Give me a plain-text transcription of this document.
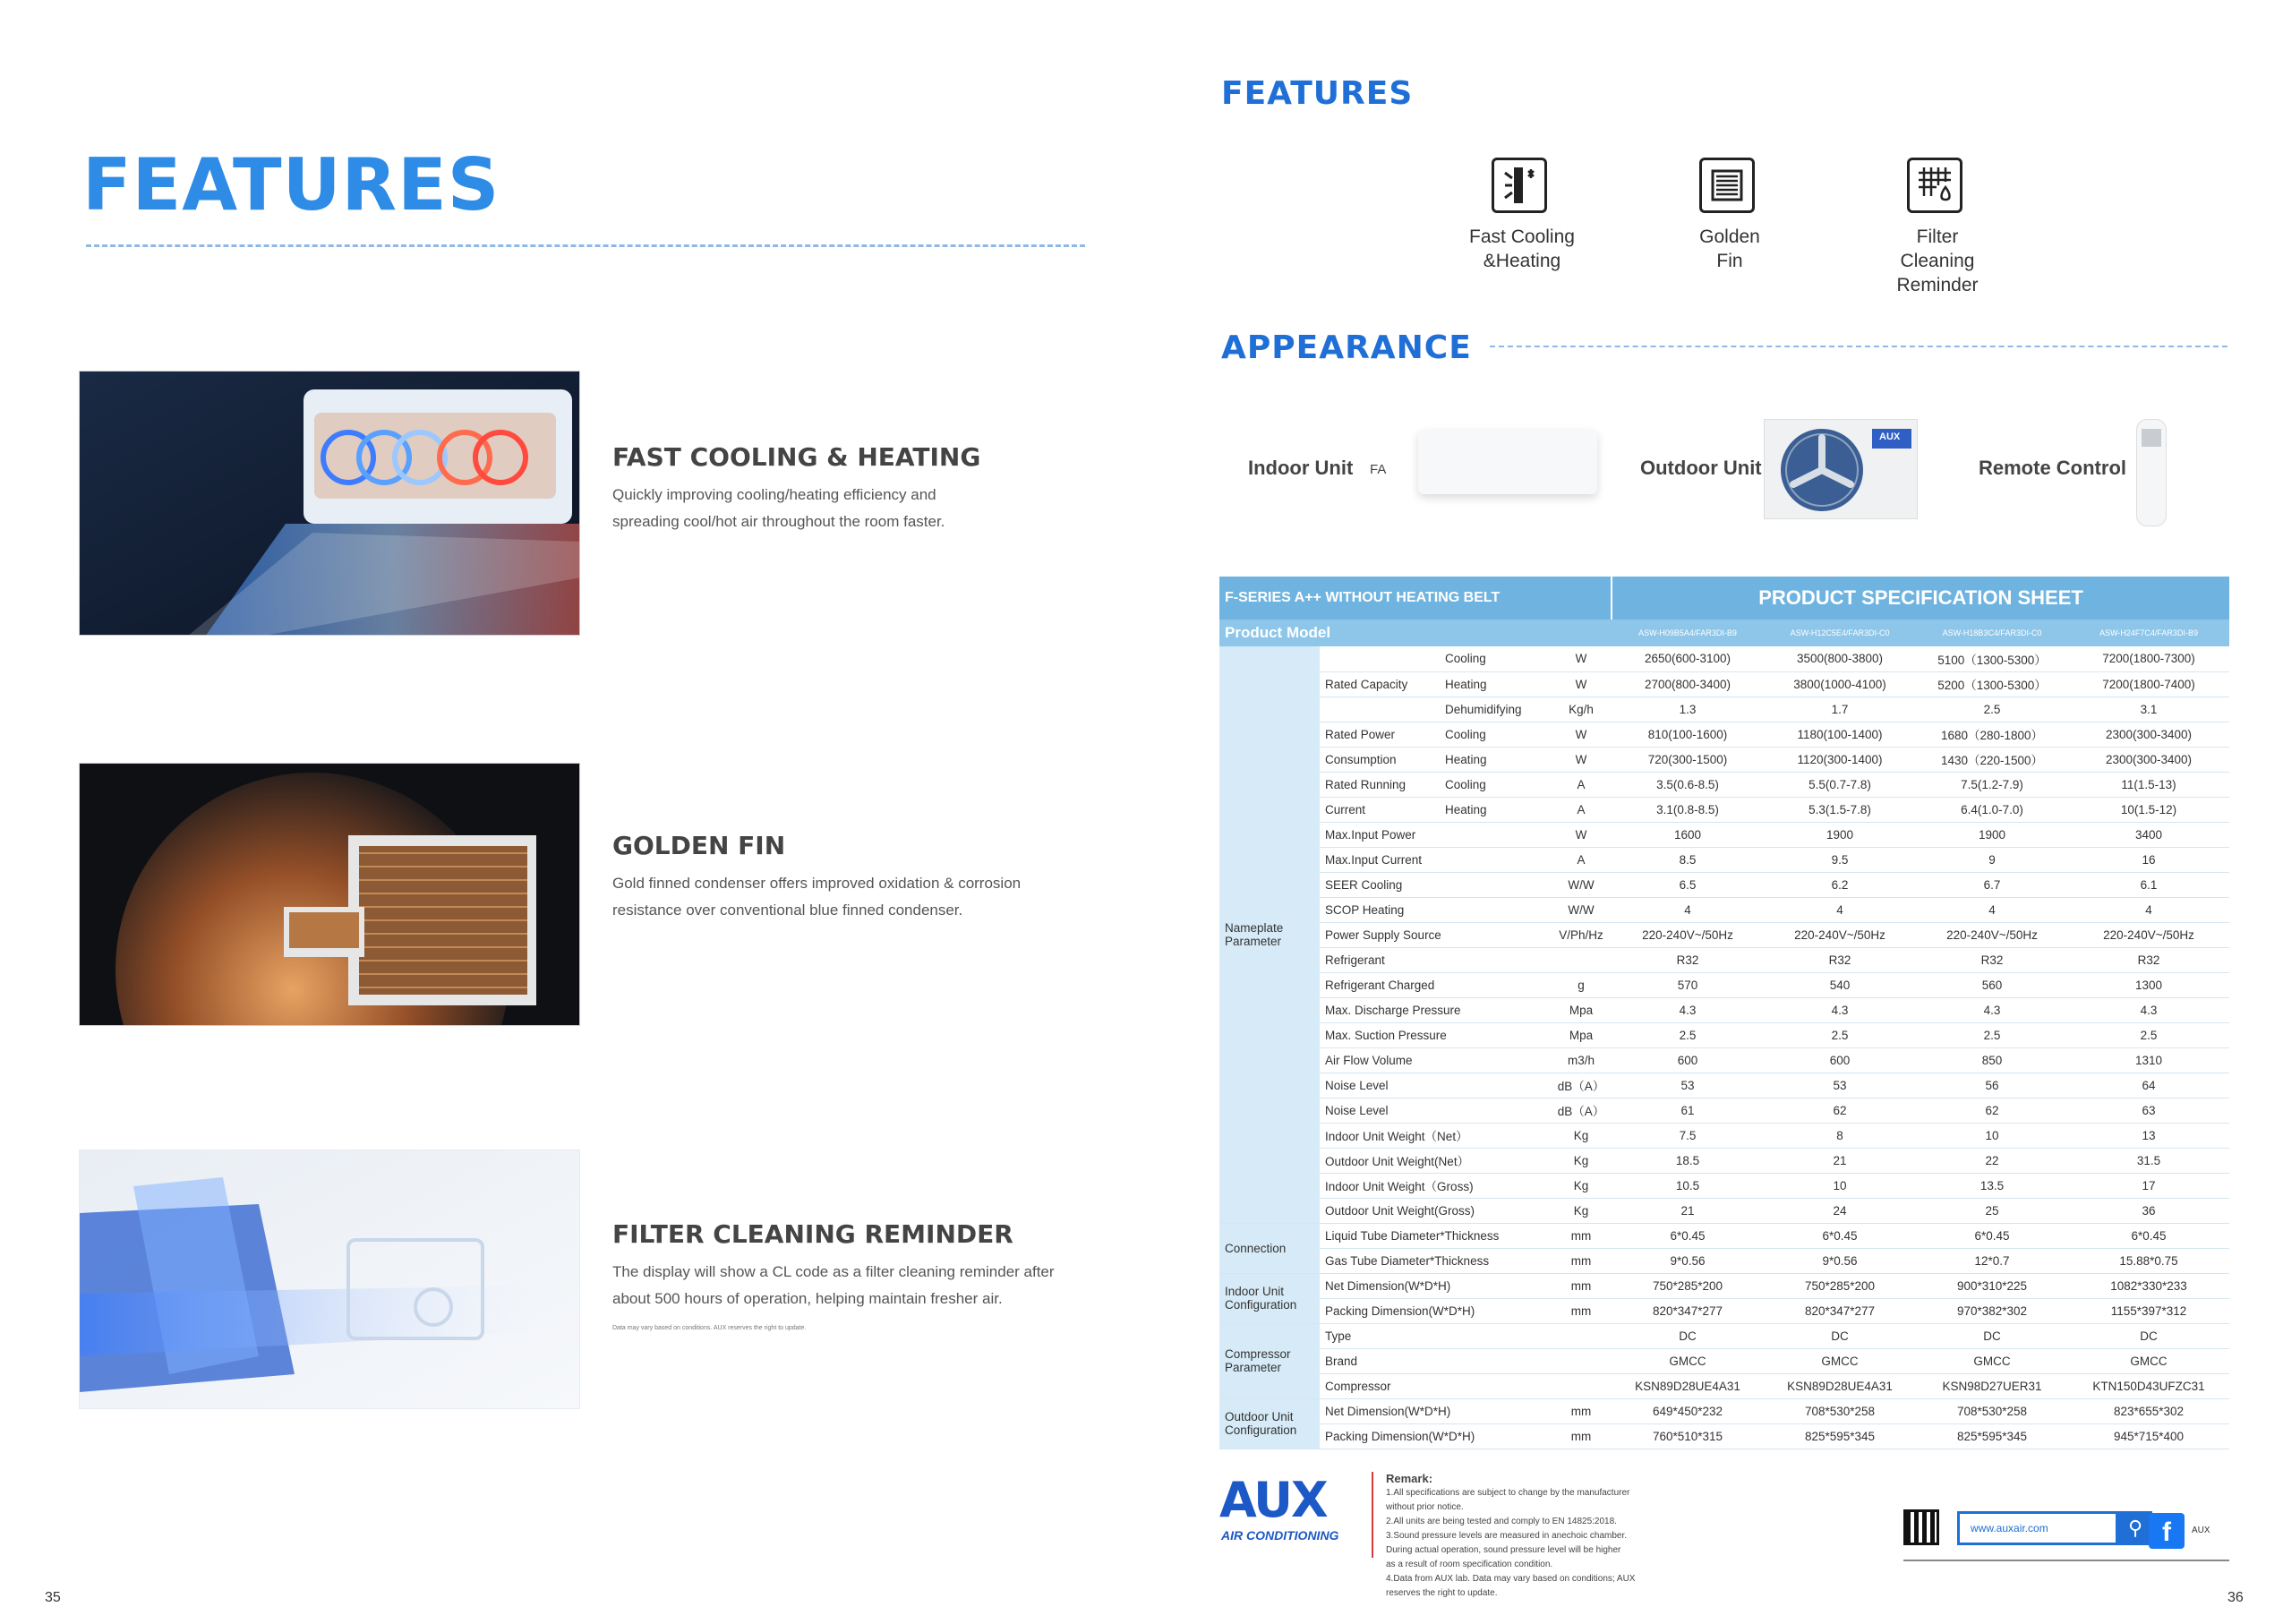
FEATURES
FAST COOLING & HEATING
Quickly improving cooling/heating efficiency and
spreading cool/hot air throughout the room faster.
GOLDEN FIN
Gold finned condenser offers improved oxidation & corrosion
resistance over conventional blue finned condenser.
FILTER CLEANING REMINDER
The display will show a CL code as a filter cleaning reminder after
about 500 hours of operation, helping maintain fresher air.
Data may vary based on conditions. AUX reserves the right to update.
35
FEATURES
Fast Cooling
&Heating
Golden
Fin
Filter
Cleaning
Reminder
APPEARANCE
Indoor Unit FA	Outdoor Unit
AUX
Remote Control
F-SERIES A++ WITHOUT HEATING BELT				PRODUCT SPECIFICATION SHEET			
Product Model				ASW-H09B5A4/FAR3DI-B9	ASW-H12C5E4/FAR3DI-C0	ASW-H18B3C4/FAR3DI-C0	ASW-H24F7C4/FAR3DI-B9
Nameplate
Parameter		Cooling	W	2650(600-3100)	3500(800-3800)	5100（1300-5300）	7200(1800-7300)
	Rated Capacity	Heating	W	2700(800-3400)	3800(1000-4100)	5200（1300-5300）	7200(1800-7400)
		Dehumidifying	Kg/h	1.3	1.7	2.5	3.1
	Rated Power	Cooling	W	810(100-1600)	1180(100-1400)	1680（280-1800）	2300(300-3400)
	Consumption	Heating	W	720(300-1500)	1120(300-1400)	1430（220-1500）	2300(300-3400)
	Rated Running	Cooling	A	3.5(0.6-8.5)	5.5(0.7-7.8)	7.5(1.2-7.9)	11(1.5-13)
	Current	Heating	A	3.1(0.8-8.5)	5.3(1.5-7.8)	6.4(1.0-7.0)	10(1.5-12)
	Max.Input Power		W	1600	1900	1900	3400
	Max.Input Current		A	8.5	9.5	9	16
	SEER Cooling		W/W	6.5	6.2	6.7	6.1
	SCOP Heating		W/W	4	4	4	4
	Power Supply Source		V/Ph/Hz	220-240V~/50Hz	220-240V~/50Hz	220-240V~/50Hz	220-240V~/50Hz
	Refrigerant			R32	R32	R32	R32
	Refrigerant Charged		g	570	540	560	1300
	Max. Discharge Pressure		Mpa	4.3	4.3	4.3	4.3
	Max. Suction Pressure		Mpa	2.5	2.5	2.5	2.5
	Air Flow Volume		m3/h	600	600	850	1310
	Noise Level		dB（A）	53	53	56	64
	Noise Level		dB（A）	61	62	62	63
	Indoor Unit Weight（Net）		Kg	7.5	8	10	13
	Outdoor Unit Weight(Net）		Kg	18.5	21	22	31.5
	Indoor Unit Weight（Gross)		Kg	10.5	10	13.5	17
	Outdoor Unit Weight(Gross)		Kg	21	24	25	36
Connection	Liquid Tube Diameter*Thickness		mm	6*0.45	6*0.45	6*0.45	6*0.45
	Gas Tube Diameter*Thickness		mm	9*0.56	9*0.56	12*0.7	15.88*0.75
Indoor Unit
Configuration	Net Dimension(W*D*H)		mm	750*285*200	750*285*200	900*310*225	1082*330*233
	Packing Dimension(W*D*H)		mm	820*347*277	820*347*277	970*382*302	1155*397*312
Compressor
Parameter	Type			DC	DC	DC	DC
	Brand			GMCC	GMCC	GMCC	GMCC
	Compressor			KSN89D28UE4A31	KSN89D28UE4A31	KSN98D27UER31	KTN150D43UFZC31
Outdoor Unit
Configuration	Net Dimension(W*D*H)		mm	649*450*232	708*530*258	708*530*258	823*655*302
	Packing Dimension(W*D*H)		mm	760*510*315	825*595*345	825*595*345	945*715*400
AUX
AIR CONDITIONING
Remark:
1.All specifications are subject to change by the manufacturer
without prior notice.
2.All units are being tested and comply to EN 14825:2018.
3.Sound pressure levels are measured in anechoic chamber.
During actual operation, sound pressure level will be higher
as a result of room specification condition.
4.Data from AUX lab. Data may vary based on conditions; AUX
reserves the right to update.
www.auxair.com	⚲ f	AUX
36
